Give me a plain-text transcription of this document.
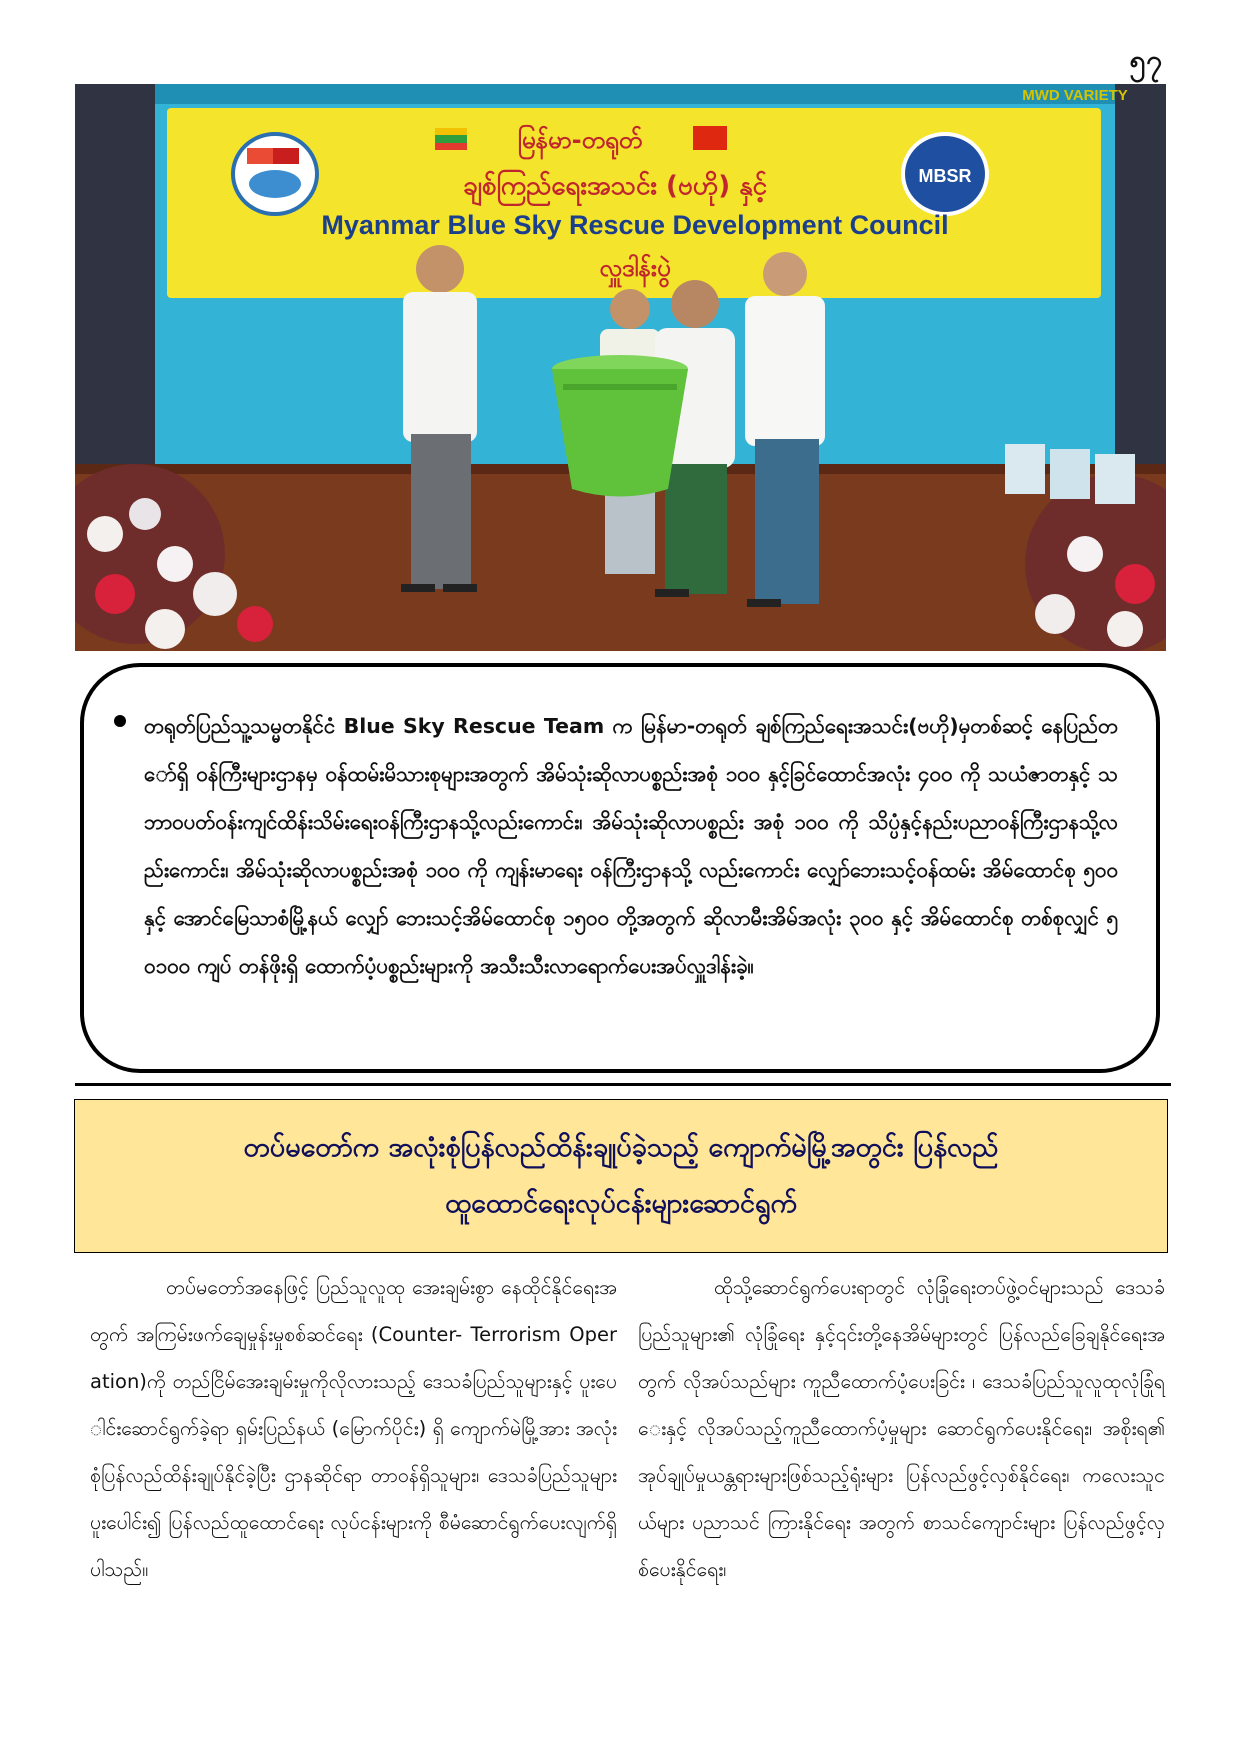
၅၇
MBSR
မြန်မာ-တရုတ်
ချစ်ကြည်ရေးအသင်း (ဗဟို) နှင့်
Myanmar Blue Sky Rescue Development Council
လှူဒါန်းပွဲ
MWD VARIETY

တရုတ်ပြည်သူ့သမ္မတနိုင်ငံ Blue Sky Rescue Team က မြန်မာ-တရုတ် ချစ်ကြည်ရေးအသင်း(ဗဟို)မှတစ်ဆင့် နေပြည်တော်ရှိ ဝန်ကြီးများဌာနမှ ဝန်ထမ်းမိသားစုများအတွက် အိမ်သုံးဆိုလာပစ္စည်းအစုံ ၁၀၀ နှင့်ခြင်ထောင်အလုံး ၄၀၀ ကို သယံဇာတနှင့် သဘာဝပတ်ဝန်းကျင်ထိန်းသိမ်းရေးဝန်ကြီးဌာနသို့လည်းကောင်း၊ အိမ်သုံးဆိုလာပစ္စည်း အစုံ ၁၀၀ ကို သိပ္ပံနှင့်နည်းပညာဝန်ကြီးဌာနသို့လည်းကောင်း၊ အိမ်သုံးဆိုလာပစ္စည်းအစုံ ၁၀၀ ကို ကျန်းမာရေး ဝန်ကြီးဌာနသို့ လည်းကောင်း လျှော်ဘေးသင့်ဝန်ထမ်း အိမ်ထောင်စု ၅၀၀ နှင့် အောင်မြေသာစံမြို့နယ် လျှော် ဘေးသင့်အိမ်ထောင်စု ၁၅၀၀ တို့အတွက် ဆိုလာမီးအိမ်အလုံး ၃၀၀ နှင့် အိမ်ထောင်စု တစ်စုလျှင် ၅၀၁၀၀ ကျပ် တန်ဖိုးရှိ ထောက်ပံ့ပစ္စည်းများကို အသီးသီးလာရောက်ပေးအပ်လှူဒါန်းခဲ့။

တပ်မတော်က အလုံးစုံပြန်လည်ထိန်းချုပ်ခဲ့သည့် ကျောက်မဲမြို့အတွင်း ပြန်လည်
ထူထောင်ရေးလုပ်ငန်းများဆောင်ရွက်

တပ်မတော်အနေဖြင့် ပြည်သူလူထု အေးချမ်းစွာ နေထိုင်နိုင်ရေးအတွက် အကြမ်းဖက်ချေမှုန်းမှုစစ်ဆင်ရေး (Counter- Terrorism Operation)ကို တည်ငြိမ်အေးချမ်းမှုကိုလိုလားသည့် ဒေသခံပြည်သူများနှင့် ပူးပေါင်းဆောင်ရွက်ခဲ့ရာ ရှမ်းပြည်နယ် (မြောက်ပိုင်း) ရှိ ကျောက်မဲမြို့အား အလုံးစုံပြန်လည်ထိန်းချုပ်နိုင်ခဲ့ပြီး ဌာနဆိုင်ရာ တာဝန်ရှိသူများ၊ ဒေသခံပြည်သူများပူးပေါင်း၍ ပြန်လည်ထူထောင်ရေး လုပ်ငန်းများကို စီမံဆောင်ရွက်ပေးလျက်ရှိပါသည်။

ထိုသို့ဆောင်ရွက်ပေးရာတွင် လုံခြုံရေးတပ်ဖွဲ့ဝင်များသည် ဒေသခံပြည်သူများ၏ လုံခြုံရေး နှင့်၎င်းတို့နေအိမ်များတွင် ပြန်လည်ခြေချနိုင်ရေးအတွက် လိုအပ်သည်များ ကူညီထောက်ပံ့ပေးခြင်း ၊ ဒေသခံပြည်သူလူထုလုံခြုံရေးနှင့် လိုအပ်သည့်ကူညီထောက်ပံ့မှုများ ဆောင်ရွက်ပေးနိုင်ရေး၊ အစိုးရ၏ အုပ်ချုပ်မှုယန္တရားများဖြစ်သည့်ရုံးများ ပြန်လည်ဖွင့်လှစ်နိုင်ရေး၊ ကလေးသူငယ်များ ပညာသင် ကြားနိုင်ရေး အတွက် စာသင်ကျောင်းများ ပြန်လည်ဖွင့်လှစ်ပေးနိုင်ရေး၊
